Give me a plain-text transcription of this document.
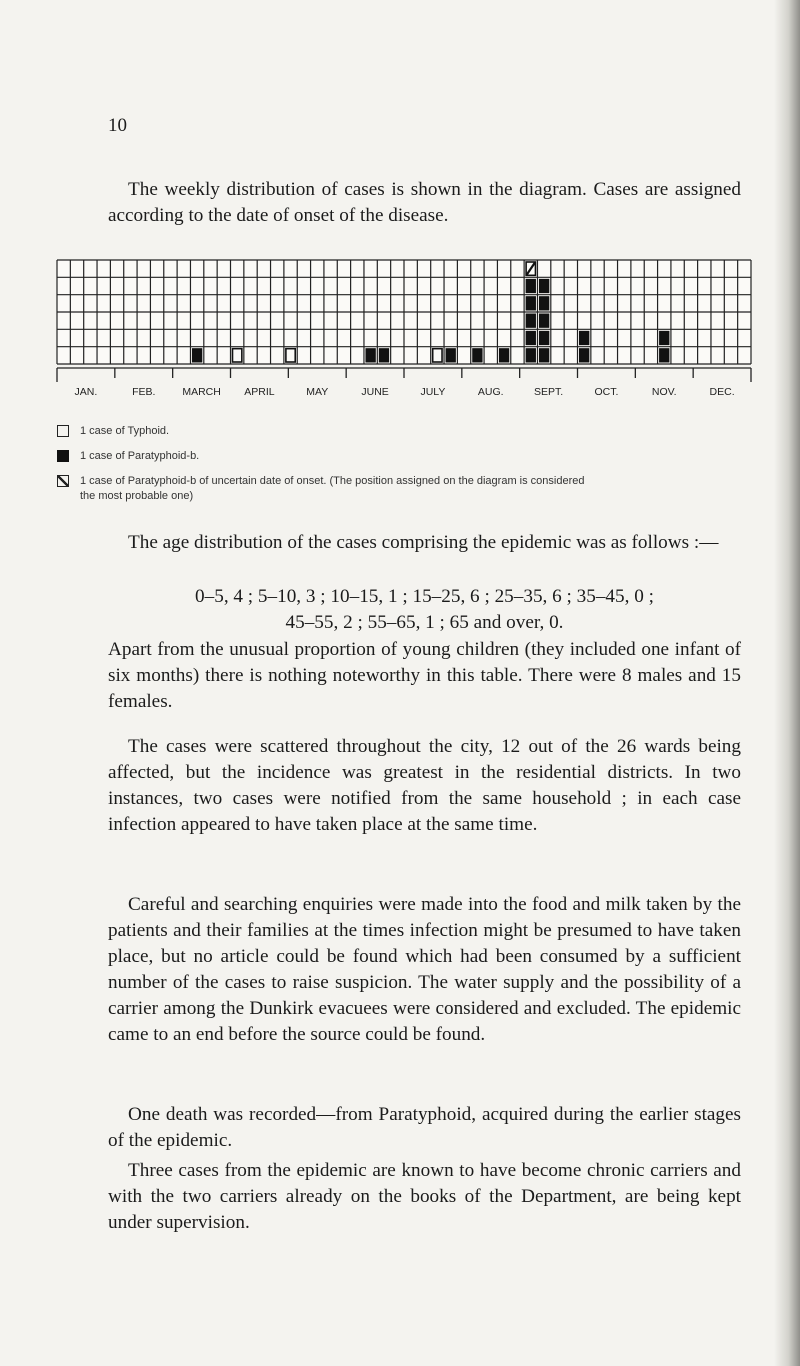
10

The weekly distribution of cases is shown in the diagram. Cases are assigned according to the date of onset of the disease.

JAN.	FEB.	MARCH APRIL	MAY	JUNE	JULY	AUG.	SEPT.	OCT.	NOV.	DEC.
1 case of Typhoid.
1 case of Paratyphoid-b.
1 case of Paratyphoid-b of uncertain date of onset. (The position assigned on the diagram is considered the most probable one)

The age distribution of the cases comprising the epidemic was as follows :—

0–5, 4 ; 5–10, 3 ; 10–15, 1 ; 15–25, 6 ; 25–35, 6 ; 35–45, 0 ;

45–55, 2 ; 55–65, 1 ; 65 and over, 0.

Apart from the unusual proportion of young children (they included one infant of six months) there is nothing noteworthy in this table. There were 8 males and 15 females.

The cases were scattered throughout the city, 12 out of the 26 wards being affected, but the incidence was greatest in the residential districts. In two instances, two cases were notified from the same household ; in each case infection appeared to have taken place at the same time.

Careful and searching enquiries were made into the food and milk taken by the patients and their families at the times infection might be presumed to have taken place, but no article could be found which had been consumed by a sufficient number of the cases to raise suspicion. The water supply and the possibility of a carrier among the Dunkirk evacuees were considered and excluded. The epidemic came to an end before the source could be found.

One death was recorded—from Paratyphoid, acquired during the earlier stages of the epidemic.

Three cases from the epidemic are known to have become chronic carriers and with the two carriers already on the books of the Department, are being kept under supervision.
